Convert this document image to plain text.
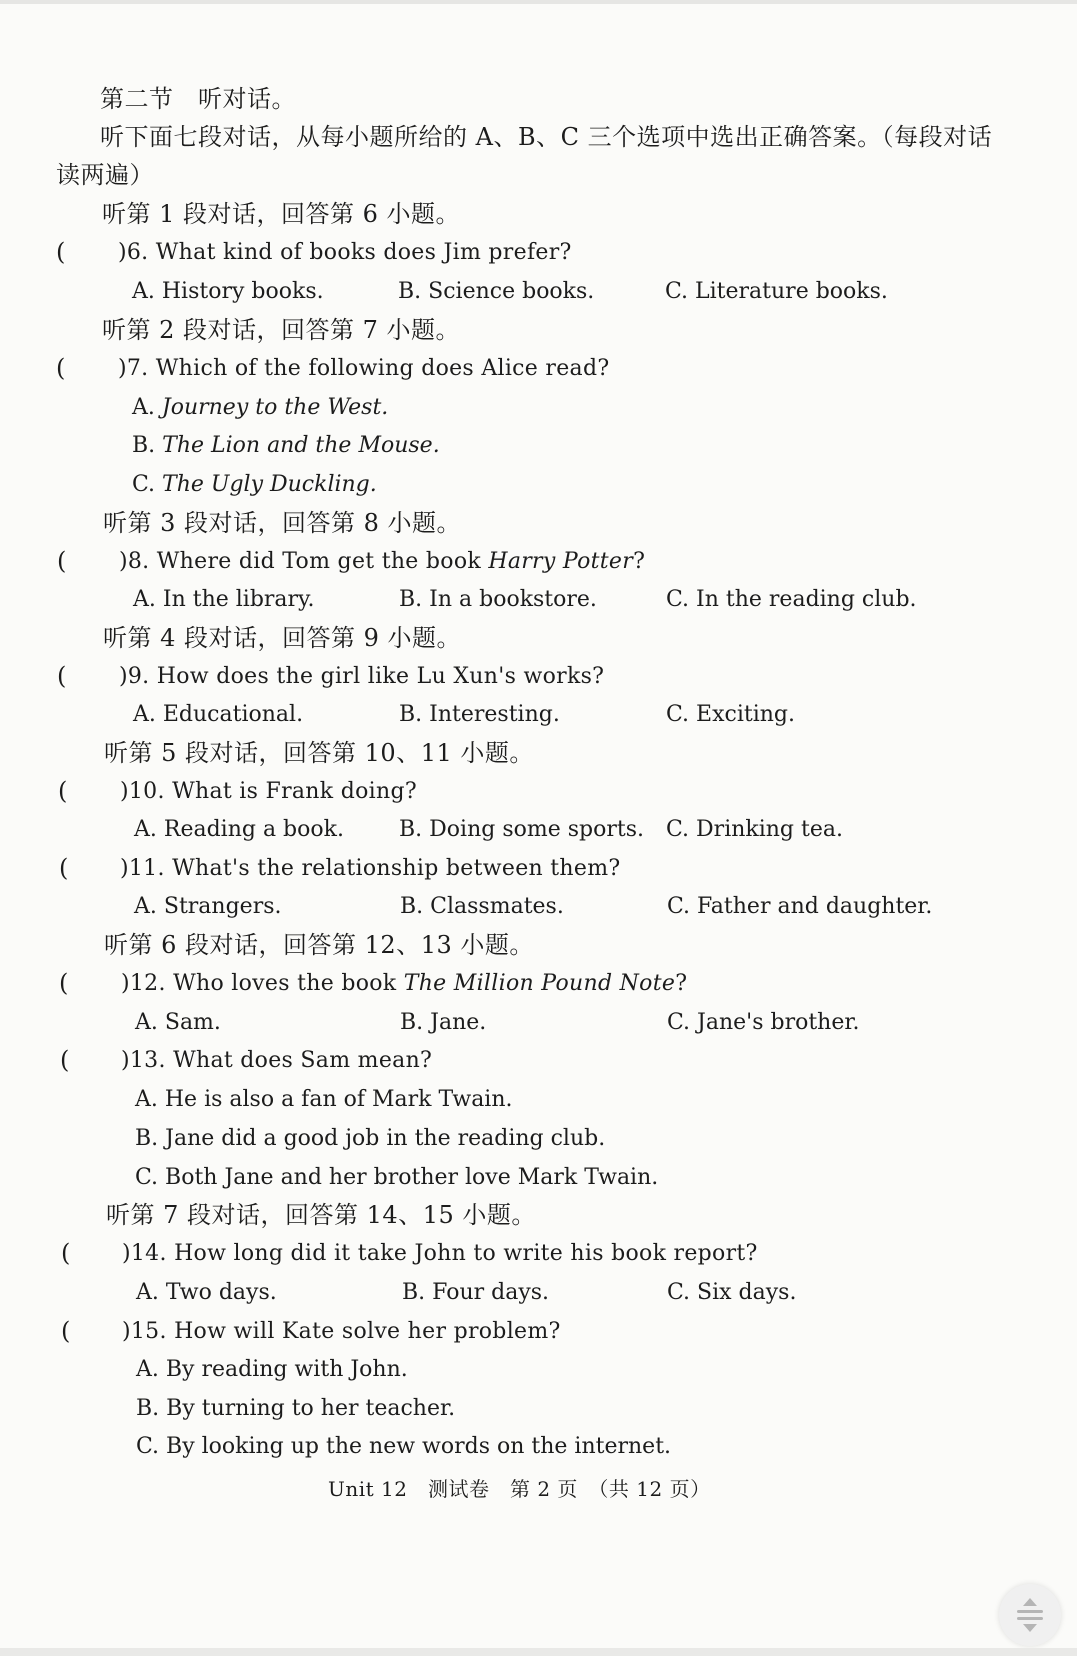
第二节　听对话。
听下面七段对话，从每小题所给的 A、B、C 三个选项中选出正确答案。（每段对话
读两遍）
听第 1 段对话，回答第 6 小题。
( )6. What kind of books does Jim prefer?
A. History books.	B. Science books.	C. Literature books.
听第 2 段对话，回答第 7 小题。
( )7. Which of the following does Alice read?
A. Journey to the West.
B. The Lion and the Mouse.
C. The Ugly Duckling.
听第 3 段对话，回答第 8 小题。
( )8. Where did Tom get the book Harry Potter?
A. In the library.	B. In a bookstore.	C. In the reading club.
听第 4 段对话，回答第 9 小题。
( )9. How does the girl like Lu Xun's works?
A. Educational.	B. Interesting.	C. Exciting.
听第 5 段对话，回答第 10、11 小题。
( )10. What is Frank doing?
A. Reading a book.	B. Doing some sports. C. Drinking tea.
( )11. What's the relationship between them?
A. Strangers.	B. Classmates.	C. Father and daughter.
听第 6 段对话，回答第 12、13 小题。
( )12. Who loves the book The Million Pound Note?
A. Sam.	B. Jane.	C. Jane's brother.
( )13. What does Sam mean?
A. He is also a fan of Mark Twain.
B. Jane did a good job in the reading club.
C. Both Jane and her brother love Mark Twain.
听第 7 段对话，回答第 14、15 小题。
( )14. How long did it take John to write his book report?
A. Two days.	B. Four days.	C. Six days.
( )15. How will Kate solve her problem?
A. By reading with John.
B. By turning to her teacher.
C. By looking up the new words on the internet.
Unit 12　测试卷　第 2 页　（共 12 页）
